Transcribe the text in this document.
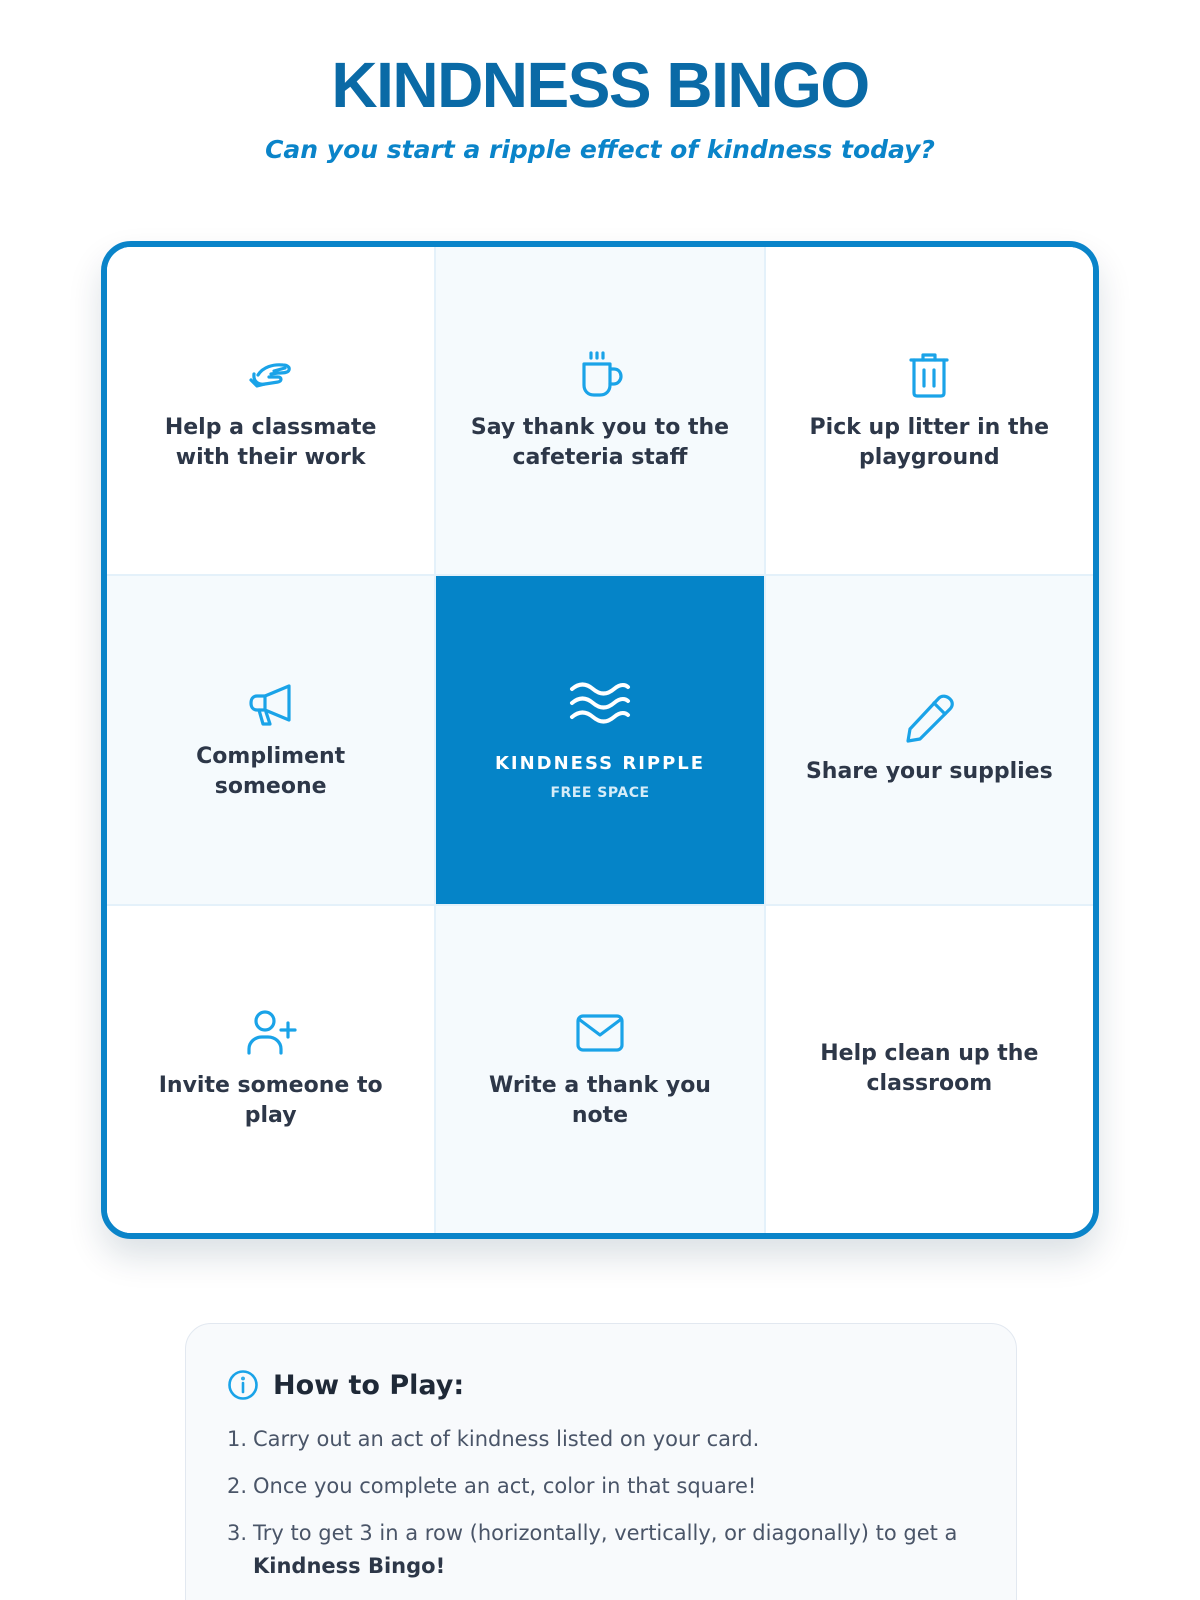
KINDNESS BINGO

Can you start a ripple effect of kindness today?

Help a classmate with their work
Say thank you to the cafeteria staff
Pick up litter in the playground
Compliment someone
KINDNESS RIPPLE
FREE SPACE
Share your supplies
Invite someone to play
Write a thank you note
Help clean up the classroom
How to Play:
1. Carry out an act of kindness listed on your card.
2. Once you complete an act, color in that square!
3. Try to get 3 in a row (horizontally, vertically, or diagonally) to get a Kindness Bingo!
